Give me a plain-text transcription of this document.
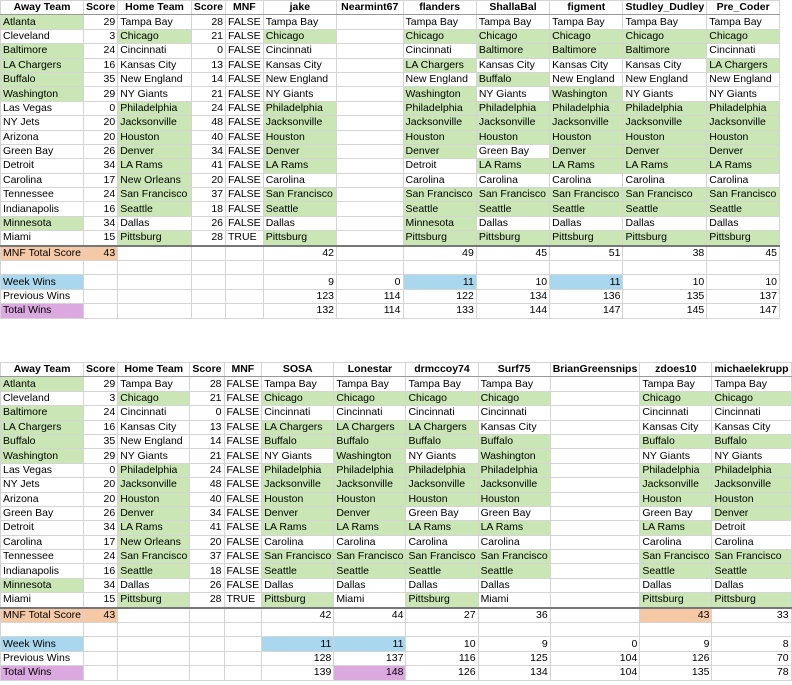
Away Team	Score	Home Team	Score	MNF	jake	Nearmint67	flanders	ShallaBal	figment	Studley_Dudley	Pre_Coder
Atlanta	29	Tampa Bay	28	FALSE	Tampa Bay		Tampa Bay	Tampa Bay	Tampa Bay	Tampa Bay	Tampa Bay
Cleveland	3	Chicago	21	FALSE	Chicago		Chicago	Chicago	Chicago	Chicago	Chicago
Baltimore	24	Cincinnati	0	FALSE	Cincinnati		Cincinnati	Baltimore	Baltimore	Baltimore	Cincinnati
LA Chargers	16	Kansas City	13	FALSE	Kansas City		LA Chargers	Kansas City	Kansas City	Kansas City	LA Chargers
Buffalo	35	New England	14	FALSE	New England		New England	Buffalo	New England	New England	New England
Washington	29	NY Giants	21	FALSE	NY Giants		Washington	NY Giants	Washington	NY Giants	NY Giants
Las Vegas	0	Philadelphia	24	FALSE	Philadelphia		Philadelphia	Philadelphia	Philadelphia	Philadelphia	Philadelphia
NY Jets	20	Jacksonville	48	FALSE	Jacksonville		Jacksonville	Jacksonville	Jacksonville	Jacksonville	Jacksonville
Arizona	20	Houston	40	FALSE	Houston		Houston	Houston	Houston	Houston	Houston
Green Bay	26	Denver	34	FALSE	Denver		Denver	Green Bay	Denver	Denver	Denver
Detroit	34	LA Rams	41	FALSE	LA Rams		Detroit	LA Rams	LA Rams	LA Rams	LA Rams
Carolina	17	New Orleans	20	FALSE	Carolina		Carolina	Carolina	Carolina	Carolina	Carolina
Tennessee	24	San Francisco	37	FALSE	San Francisco		San Francisco	San Francisco	San Francisco	San Francisco	San Francisco
Indianapolis	16	Seattle	18	FALSE	Seattle		Seattle	Seattle	Seattle	Seattle	Seattle
Minnesota	34	Dallas	26	FALSE	Dallas		Minnesota	Dallas	Dallas	Dallas	Dallas
Miami	15	Pittsburg	28	TRUE	Pittsburg		Pittsburg	Pittsburg	Pittsburg	Pittsburg	Pittsburg
MNF Total Score	43				42		49	45	51	38	45

Week Wins					9	0	11	10	11	10	10
Previous Wins					123	114	122	134	136	135	137
Total Wins					132	114	133	144	147	145	147
Away Team	Score	Home Team	Score	MNF	SOSA	Lonestar	drmccoy74	Surf75	BrianGreensnips	zdoes10	michaelekrupp
Atlanta	29	Tampa Bay	28	FALSE	Tampa Bay	Tampa Bay	Tampa Bay	Tampa Bay		Tampa Bay	Tampa Bay
Cleveland	3	Chicago	21	FALSE	Chicago	Chicago	Chicago	Chicago		Chicago	Chicago
Baltimore	24	Cincinnati	0	FALSE	Cincinnati	Cincinnati	Cincinnati	Cincinnati		Cincinnati	Cincinnati
LA Chargers	16	Kansas City	13	FALSE	LA Chargers	LA Chargers	LA Chargers	Kansas City		Kansas City	Kansas City
Buffalo	35	New England	14	FALSE	Buffalo	Buffalo	Buffalo	Buffalo		Buffalo	Buffalo
Washington	29	NY Giants	21	FALSE	NY Giants	Washington	NY Giants	Washington		NY Giants	NY Giants
Las Vegas	0	Philadelphia	24	FALSE	Philadelphia	Philadelphia	Philadelphia	Philadelphia		Philadelphia	Philadelphia
NY Jets	20	Jacksonville	48	FALSE	Jacksonville	Jacksonville	Jacksonville	Jacksonville		Jacksonville	Jacksonville
Arizona	20	Houston	40	FALSE	Houston	Houston	Houston	Houston		Houston	Houston
Green Bay	26	Denver	34	FALSE	Denver	Denver	Green Bay	Green Bay		Green Bay	Denver
Detroit	34	LA Rams	41	FALSE	LA Rams	LA Rams	LA Rams	LA Rams		LA Rams	Detroit
Carolina	17	New Orleans	20	FALSE	Carolina	Carolina	Carolina	Carolina		Carolina	Carolina
Tennessee	24	San Francisco	37	FALSE	San Francisco	San Francisco	San Francisco	San Francisco		San Francisco	San Francisco
Indianapolis	16	Seattle	18	FALSE	Seattle	Seattle	Seattle	Seattle		Seattle	Seattle
Minnesota	34	Dallas	26	FALSE	Dallas	Dallas	Dallas	Dallas		Dallas	Dallas
Miami	15	Pittsburg	28	TRUE	Pittsburg	Miami	Pittsburg	Miami		Pittsburg	Pittsburg
MNF Total Score	43				42	44	27	36		43	33

Week Wins					11	11	10	9	0	9	8
Previous Wins					128	137	116	125	104	126	70
Total Wins					139	148	126	134	104	135	78
